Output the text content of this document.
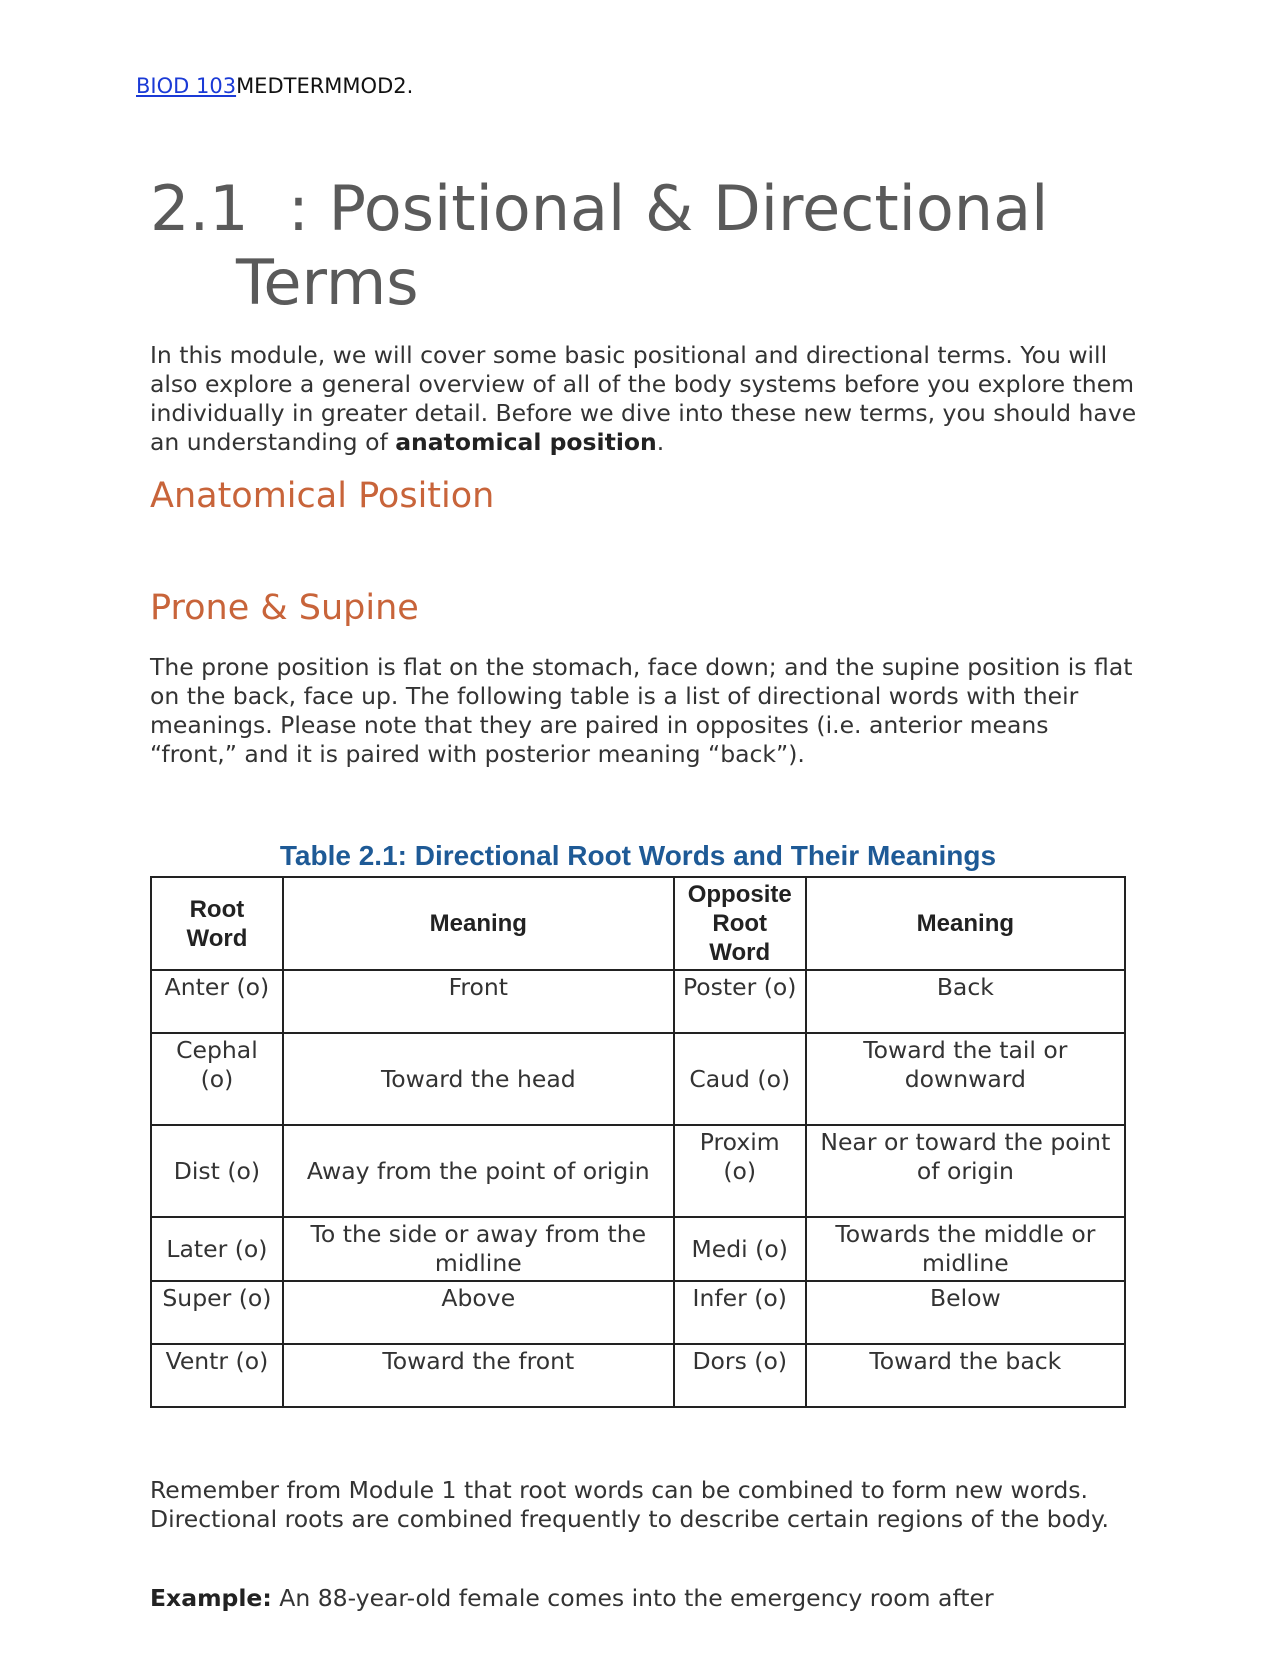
BIOD 103MEDTERMMOD2.
2.1 : Positional & Directional
Terms

In this module, we will cover some basic positional and directional terms. You will also explore a general overview of all of the body systems before you explore them individually in greater detail. Before we dive into these new terms, you should have an understanding of anatomical position.

Anatomical Position
Prone & Supine

The prone position is flat on the stomach, face down; and the supine position is flat on the back, face up. The following table is a list of directional words with their meanings. Please note that they are paired in opposites (i.e. anterior means “front,” and it is paired with posterior meaning “back”).

Table 2.1: Directional Root Words and Their Meanings
Root Word	Meaning	Opposite Root Word	Meaning
Anter (o)	Front	Poster (o)	Back
Cephal (o)	Toward the head	Caud (o)	Toward the tail or downward
Dist (o)	Away from the point of origin	Proxim (o)	Near or toward the point of origin
Later (o)	To the side or away from the midline	Medi (o)	Towards the middle or midline
Super (o)	Above	Infer (o)	Below
Ventr (o)	Toward the front	Dors (o)	Toward the back

Remember from Module 1 that root words can be combined to form new words. Directional roots are combined frequently to describe certain regions of the body.

Example: An 88-year-old female comes into the emergency room after
